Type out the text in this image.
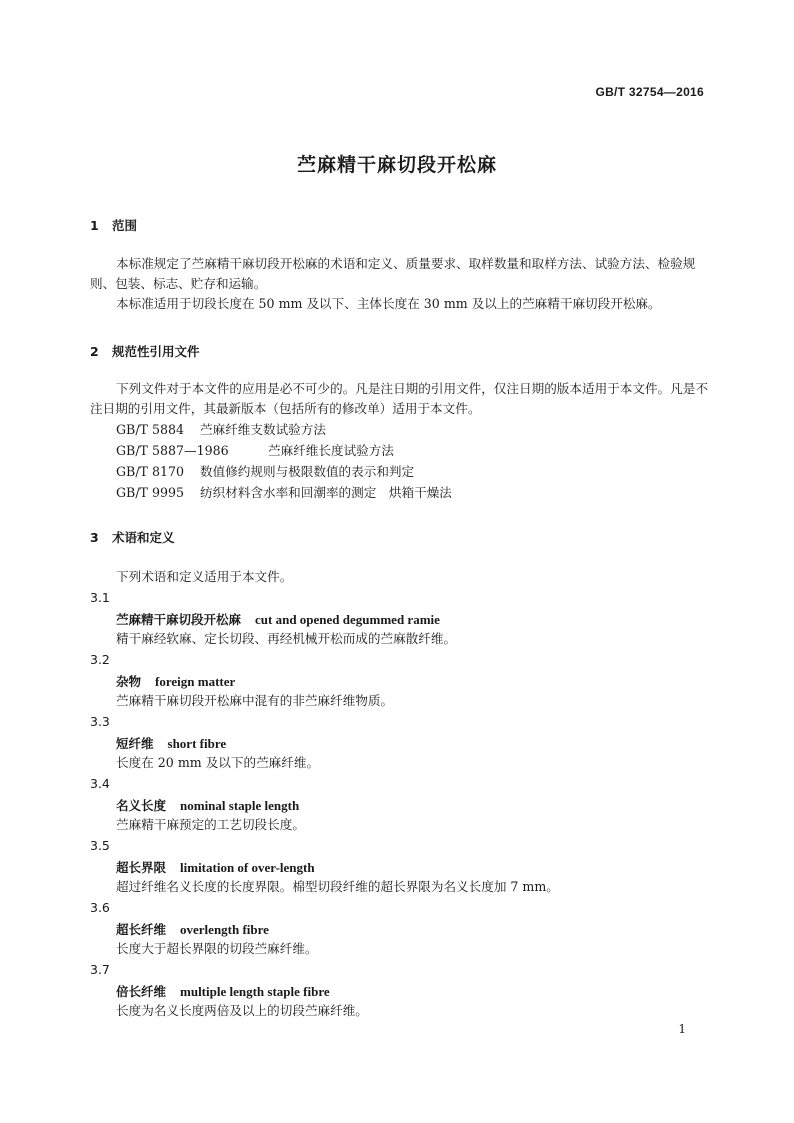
GB/T 32754—2016
苎麻精干麻切段开松麻
1 范围
本标准规定了苎麻精干麻切段开松麻的术语和定义、质量要求、取样数量和取样方法、试验方法、检验规则、包装、标志、贮存和运输。
本标准适用于切段长度在 50 mm 及以下、主体长度在 30 mm 及以上的苎麻精干麻切段开松麻。
2 规范性引用文件
下列文件对于本文件的应用是必不可少的。凡是注日期的引用文件，仅注日期的版本适用于本文件。凡是不注日期的引用文件，其最新版本（包括所有的修改单）适用于本文件。
GB/T 5884 苎麻纤维支数试验方法
GB/T 5887—1986	苎麻纤维长度试验方法
GB/T 8170 数值修约规则与极限数值的表示和判定
GB/T 9995 纺织材料含水率和回潮率的测定　烘箱干燥法
3 术语和定义
下列术语和定义适用于本文件。
3.1
苎麻精干麻切段开松麻 cut and opened degummed ramie
精干麻经软麻、定长切段、再经机械开松而成的苎麻散纤维。
3.2
杂物 foreign matter
苎麻精干麻切段开松麻中混有的非苎麻纤维物质。
3.3
短纤维 short fibre
长度在 20 mm 及以下的苎麻纤维。
3.4
名义长度 nominal staple length
苎麻精干麻预定的工艺切段长度。
3.5
超长界限 limitation of over-length
超过纤维名义长度的长度界限。棉型切段纤维的超长界限为名义长度加 7 mm。
3.6
超长纤维 overlength fibre
长度大于超长界限的切段苎麻纤维。
3.7
倍长纤维 multiple length staple fibre
长度为名义长度两倍及以上的切段苎麻纤维。
1
